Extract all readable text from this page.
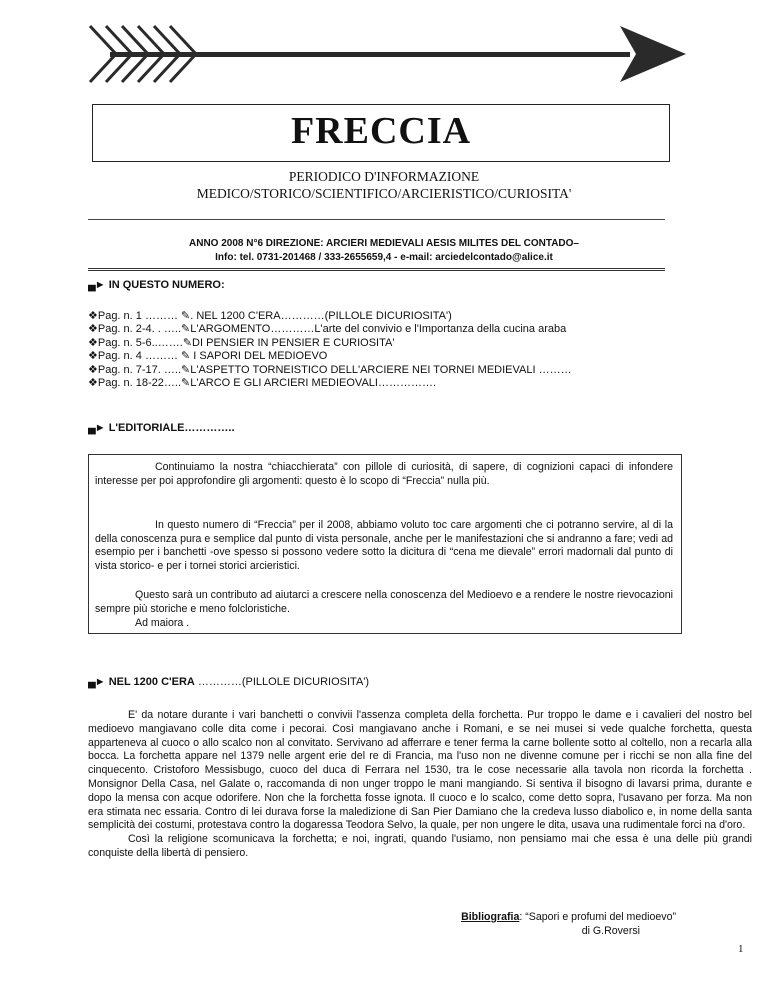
FRECCIA
PERIODICO D'INFORMAZIONE
MEDICO/STORICO/SCIENTIFICO/ARCIERISTICO/CURIOSITA'
ANNO 2008 N°6 DIREZIONE: ARCIERI MEDIEVALI AESIS MILITES DEL CONTADO–
Info: tel. 0731-201468 / 333-2655659,4 - e-mail: arciedelcontado@alice.it
▄► IN QUESTO NUMERO:
❖Pag. n. 1 ……… ✎. NEL 1200 C'ERA…………(PILLOLE DICURIOSITA')
❖Pag. n. 2-4. . …..✎L'ARGOMENTO…………L'arte del convivio e l'Importanza della cucina araba
❖Pag. n. 5-6..…….✎DI PENSIER IN PENSIER E CURIOSITA'
❖Pag. n. 4 ……… ✎ I SAPORI DEL MEDIOEVO
❖Pag. n. 7-17. …..✎L'ASPETTO TORNEISTICO DELL'ARCIERE NEI TORNEI MEDIEVALI ………
❖Pag. n. 18-22…..✎L'ARCO E GLI ARCIERI MEDIEOVALI…………….
▄► L'EDITORIALE…………..
Continuiamo la nostra “chiacchierata” con pillole di curiosità, di sapere, di cognizioni capaci di infondere interesse per poi approfondire gli argomenti: questo è lo scopo di “Freccia” nulla più.
In questo numero di “Freccia” per il 2008, abbiamo voluto toc care argomenti che ci potranno servire, al di la della conoscenza pura e semplice dal punto di vista personale, anche per le manifestazioni che si andranno a fare; vedi ad esempio per i banchetti -ove spesso si possono vedere sotto la dicitura di “cena me dievale” errori madornali dal punto di vista storico- e per i tornei storici arcieristici.
Questo sarà un contributo ad aiutarci a crescere nella conoscenza del Medioevo e a rendere le nostre rievocazioni sempre più storiche e meno folcloristiche.
Ad maiora .
▄► NEL 1200 C'ERA …………(PILLOLE DICURIOSITA')
E' da notare durante i vari banchetti o convivii l'assenza completa della forchetta. Pur troppo le dame e i cavalieri del nostro bel medioevo mangiavano colle dita come i pecorai. Così mangiavano anche i Romani, e se nei musei si vede qualche forchetta, questa apparteneva al cuoco o allo scalco non al convitato. Servivano ad afferrare e tener ferma la carne bollente sotto al coltello, non a recarla alla bocca. La forchetta appare nel 1379 nelle argent erie del re di Francia, ma l'uso non ne divenne comune per i ricchi se non alla fine del cinquecento. Cristoforo Messisbugo, cuoco del duca di Ferrara nel 1530, tra le cose necessarie alla tavola non ricorda la forchetta . Monsignor Della Casa, nel Galate o, raccomanda di non unger troppo le mani mangiando. Si sentiva il bisogno di lavarsi prima, durante e dopo la mensa con acque odorifere. Non che la forchetta fosse ignota. Il cuoco e lo scalco, come detto sopra, l'usavano per forza. Ma non era stimata nec essaria. Contro di lei durava forse la maledizione di San Pier Damiano che la credeva lusso diabolico e, in nome della santa semplicità dei costumi, protestava contro la dogaressa Teodora Selvo, la quale, per non ungere le dita, usava una rudimentale forci na d'oro.
Così la religione scomunicava la forchetta; e noi, ingrati, quando l'usiamo, non pensiamo mai che essa è una delle più grandi conquiste della libertà di pensiero.
Bibliografia: “Sapori e profumi del medioevo”
di G.Roversi
1
